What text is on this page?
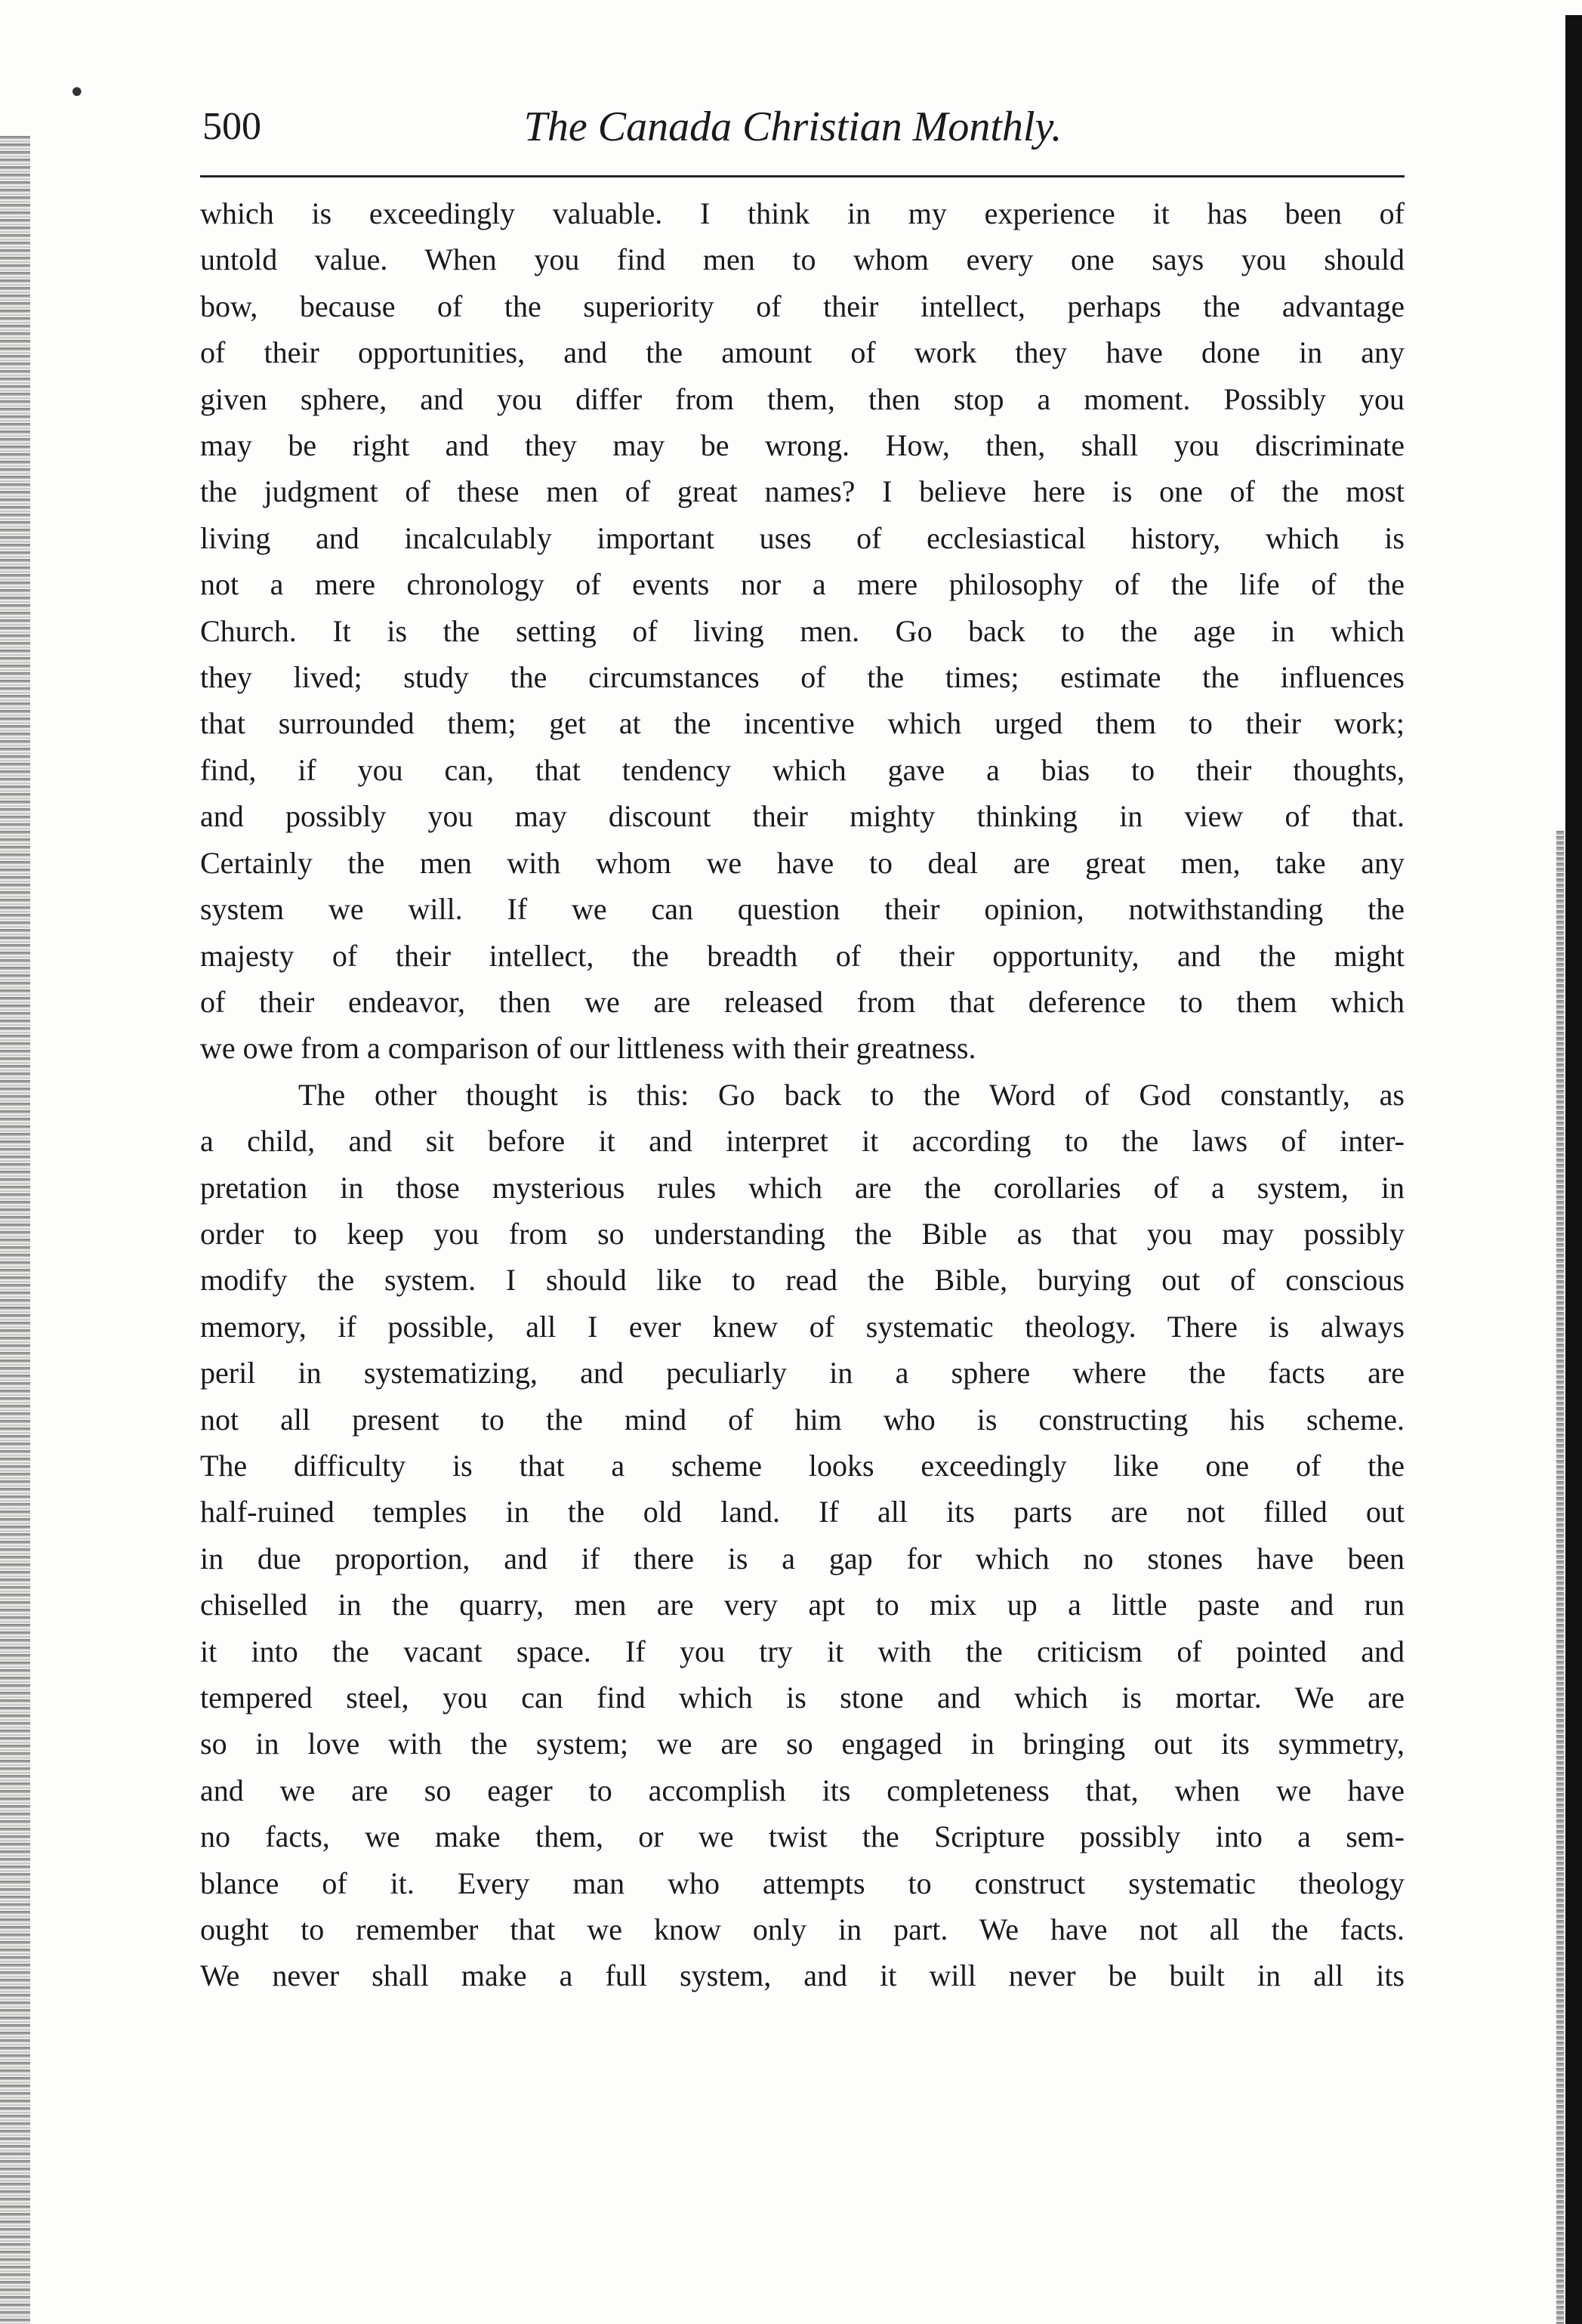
•
500	The Canada Christian Monthly.

which is exceedingly valuable. I think in my experience it has been of

untold value. When you find men to whom every one says you should

bow, because of the superiority of their intellect, perhaps the advantage

of their opportunities, and the amount of work they have done in any

given sphere, and you differ from them, then stop a moment. Possibly you

may be right and they may be wrong. How, then, shall you discriminate

the judgment of these men of great names? I believe here is one of the most

living and incalculably important uses of ecclesiastical history, which is

not a mere chronology of events nor a mere philosophy of the life of the

Church. It is the setting of living men. Go back to the age in which

they lived; study the circumstances of the times; estimate the influences

that surrounded them; get at the incentive which urged them to their work;

find, if you can, that tendency which gave a bias to their thoughts,

and possibly you may discount their mighty thinking in view of that.

Certainly the men with whom we have to deal are great men, take any

system we will. If we can question their opinion, notwithstanding the

majesty of their intellect, the breadth of their opportunity, and the might

of their endeavor, then we are released from that deference to them which

we owe from a comparison of our littleness with their greatness.

The other thought is this: Go back to the Word of God constantly, as

a child, and sit before it and interpret it according to the laws of inter-

pretation in those mysterious rules which are the corollaries of a system, in

order to keep you from so understanding the Bible as that you may possibly

modify the system. I should like to read the Bible, burying out of conscious

memory, if possible, all I ever knew of systematic theology. There is always

peril in systematizing, and peculiarly in a sphere where the facts are

not all present to the mind of him who is constructing his scheme.

The difficulty is that a scheme looks exceedingly like one of the

half-ruined temples in the old land. If all its parts are not filled out

in due proportion, and if there is a gap for which no stones have been

chiselled in the quarry, men are very apt to mix up a little paste and run

it into the vacant space. If you try it with the criticism of pointed and

tempered steel, you can find which is stone and which is mortar. We are

so in love with the system; we are so engaged in bringing out its symmetry,

and we are so eager to accomplish its completeness that, when we have

no facts, we make them, or we twist the Scripture possibly into a sem-

blance of it. Every man who attempts to construct systematic theology

ought to remember that we know only in part. We have not all the facts.

We never shall make a full system, and it will never be built in all its
